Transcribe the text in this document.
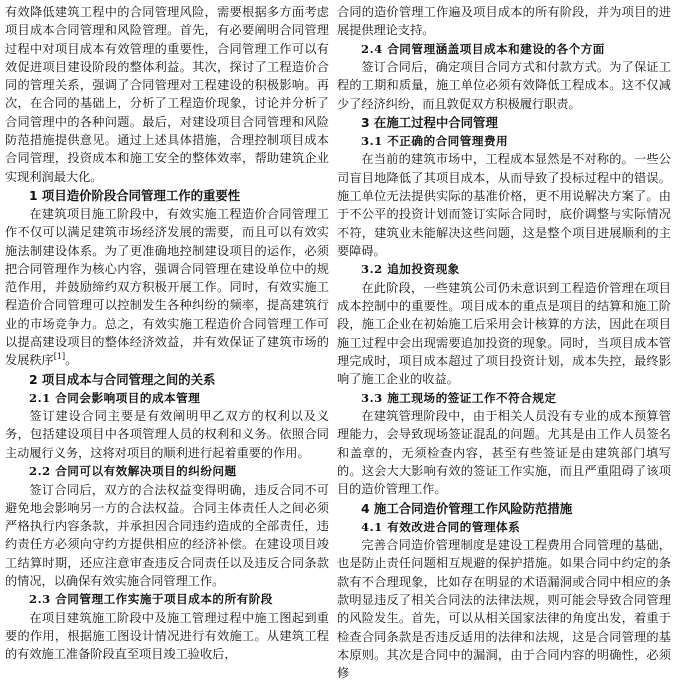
有效降低建筑工程中的合同管理风险，需要根据多方面考虑项目成本合同管理和风险管理。首先，有必要阐明合同管理过程中对项目成本有效管理的重要性，合同管理工作可以有效促进项目建设阶段的整体利益。其次，探讨了工程造价合同的管理关系，强调了合同管理对工程建设的积极影响。再次，在合同的基础上，分析了工程造价现象，讨论并分析了合同管理中的各种问题。最后，对建设项目合同管理和风险防范措施提供意见。通过上述具体措施，合理控制项目成本合同管理，投资成本和施工安全的整体效率，帮助建筑企业实现利润最大化。

1 项目造价阶段合同管理工作的重要性

在建筑项目施工阶段中，有效实施工程造价合同管理工作不仅可以满足建筑市场经济发展的需要，而且可以有效实施法制建设体系。为了更准确地控制建设项目的运作，必须把合同管理作为核心内容，强调合同管理在建设单位中的规范作用，并鼓励缔约双方积极开展工作。同时，有效实施工程造价合同管理可以控制发生各种纠纷的频率，提高建筑行业的市场竞争力。总之，有效实施工程造价合同管理工作可以提高建设项目的整体经济效益，并有效保证了建筑市场的发展秩序[1]。

2 项目成本与合同管理之间的关系
2.1 合同会影响项目的成本管理

签订建设合同主要是有效阐明甲乙双方的权利以及义务，包括建设项目中各项管理人员的权利和义务。依照合同主动履行义务，这将对项目的顺利进行起着重要的作用。

2.2 合同可以有效解决项目的纠纷问题

签订合同后，双方的合法权益变得明确，违反合同不可避免地会影响另一方的合法权益。合同主体责任人之间必须严格执行内容条款，并承担因合同违约造成的全部责任，违约责任方必须向守约方提供相应的经济补偿。在建设项目竣工结算时期，还应注意审查违反合同责任以及违反合同条款的情况，以确保有效实施合同管理工作。

2.3 合同管理工作实施于项目成本的所有阶段

在项目建筑施工阶段中及施工管理过程中施工图起到重要的作用，根据施工图设计情况进行有效施工。从建筑工程的有效施工准备阶段直至项目竣工验收后，

合同的造价管理工作遍及项目成本的所有阶段，并为项目的进展提供理论支持。

2.4 合同管理涵盖项目成本和建设的各个方面

签订合同后，确定项目合同方式和付款方式。为了保证工程的工期和质量，施工单位必须有效降低工程成本。这不仅减少了经济纠纷，而且敦促双方积极履行职责。

3 在施工过程中合同管理
3.1 不正确的合同管理费用

在当前的建筑市场中，工程成本显然是不对称的。一些公司盲目地降低了其项目成本，从而导致了投标过程中的错误。施工单位无法提供实际的基准价格，更不用说解决方案了。由于不公平的投资计划而签订实际合同时，底价调整与实际情况不符，建筑业未能解决这些问题，这是整个项目进展顺利的主要障碍。

3.2 追加投资现象

在此阶段，一些建筑公司仍未意识到工程造价管理在项目成本控制中的重要性。项目成本的重点是项目的结算和施工阶段，施工企业在初始施工后采用会计核算的方法，因此在项目施工过程中会出现需要追加投资的现象。同时，当项目成本管理完成时，项目成本超过了项目投资计划，成本失控，最终影响了施工企业的收益。

3.3 施工现场的签证工作不符合规定

在建筑管理阶段中，由于相关人员没有专业的成本预算管理能力，会导致现场签证混乱的问题。尤其是由工作人员签名和盖章的，无须检查内容，甚至有些签证是由建筑部门填写的。这会大大影响有效的签证工作实施，而且严重阻碍了该项目的造价管理工作。

4 施工合同造价管理工作风险防范措施
4.1 有效改进合同的管理体系

完善合同造价管理制度是建设工程费用合同管理的基础，也是防止责任问题相互规避的保护措施。如果合同中约定的条款有不合理现象，比如存在明显的术语漏洞或合同中相应的条款明显违反了相关合同法的法律法规，则可能会导致合同管理的风险发生。首先，可以从相关国家法律的角度出发，着重于检查合同条款是否违反适用的法律和法规，这是合同管理的基本原则。其次是合同中的漏洞，由于合同内容的明确性，必须修
